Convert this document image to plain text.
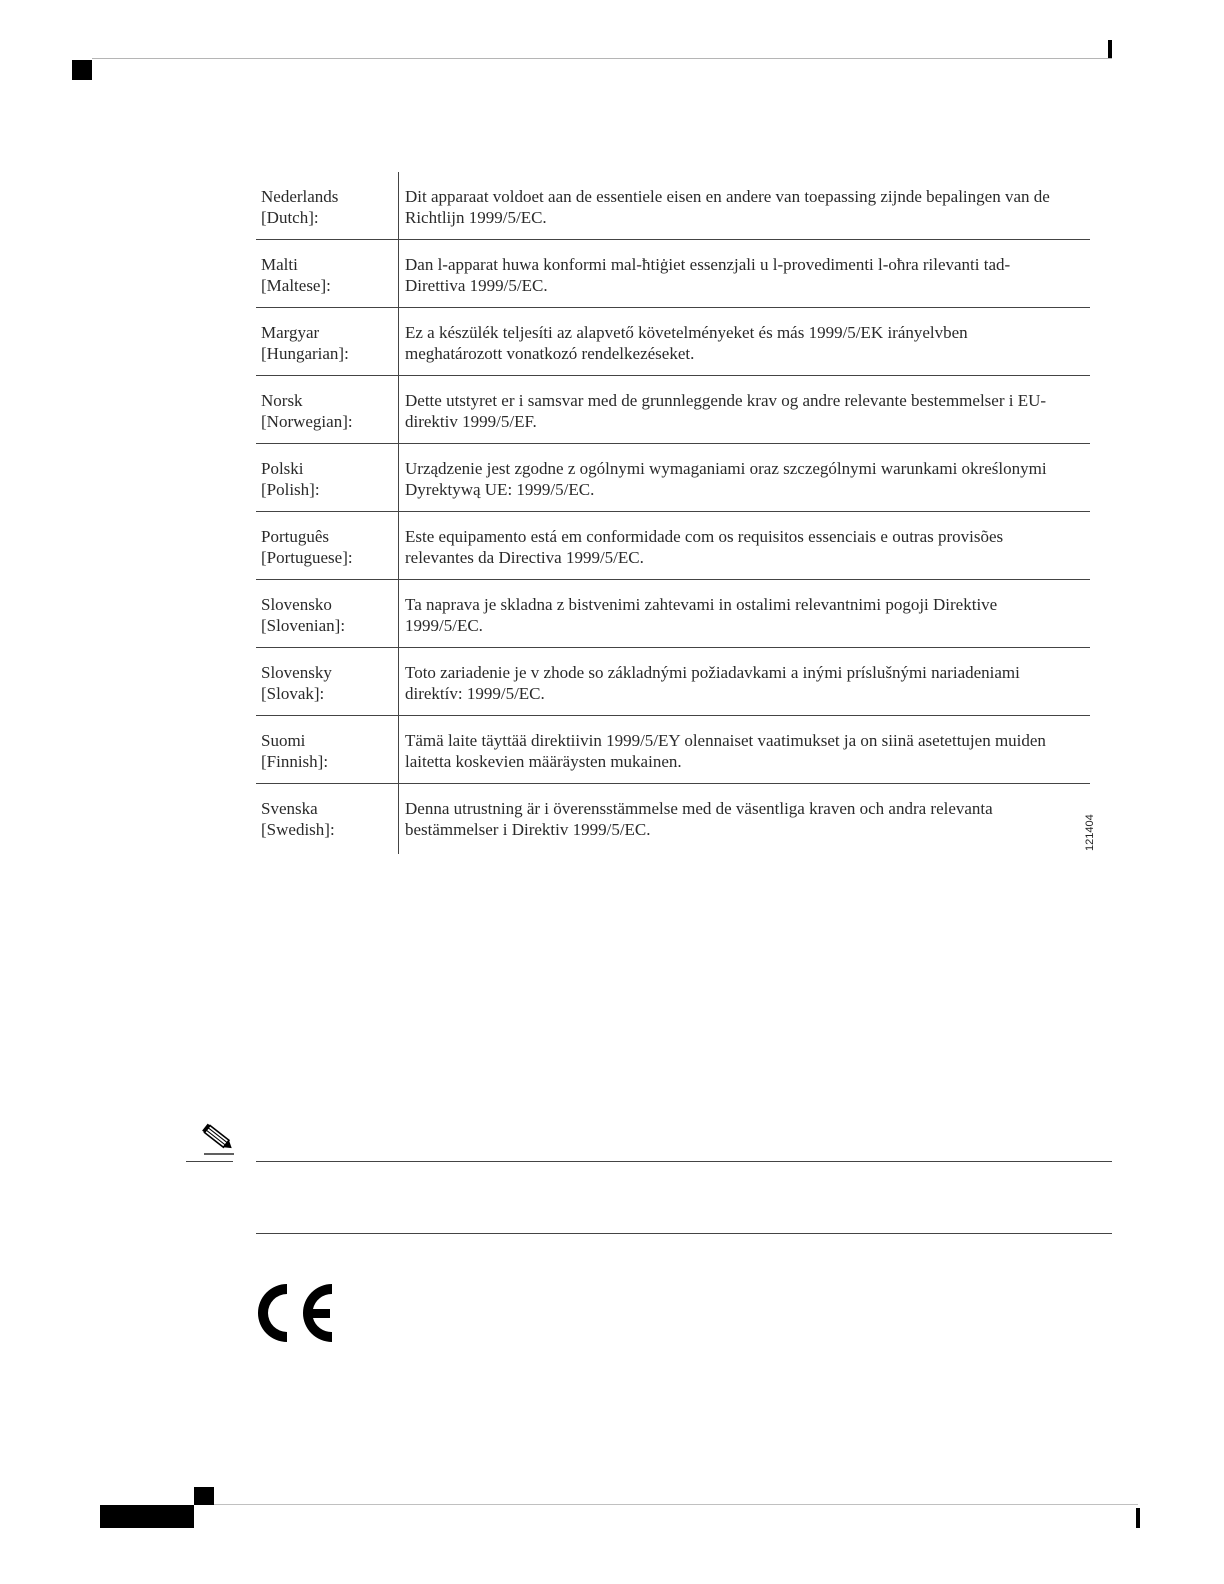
Nederlands
[Dutch]:
Dit apparaat voldoet aan de essentiele eisen en andere van toepassing zijnde bepalingen van de
Richtlijn 1999/5/EC.
Malti
[Maltese]:
Dan l-apparat huwa konformi mal-ħtiġiet essenzjali u l-provedimenti l-oħra rilevanti tad-
Direttiva 1999/5/EC.
Margyar
[Hungarian]:
Ez a készülék teljesíti az alapvető követelményeket és más 1999/5/EK irányelvben
meghatározott vonatkozó rendelkezéseket.
Norsk
[Norwegian]:
Dette utstyret er i samsvar med de grunnleggende krav og andre relevante bestemmelser i EU-
direktiv 1999/5/EF.
Polski
[Polish]:
Urządzenie jest zgodne z ogólnymi wymaganiami oraz szczególnymi warunkami określonymi
Dyrektywą UE: 1999/5/EC.
Português
[Portuguese]:
Este equipamento está em conformidade com os requisitos essenciais e outras provisões
relevantes da Directiva 1999/5/EC.
Slovensko
[Slovenian]:
Ta naprava je skladna z bistvenimi zahtevami in ostalimi relevantnimi pogoji Direktive
1999/5/EC.
Slovensky
[Slovak]:
Toto zariadenie je v zhode so základnými požiadavkami a inými príslušnými nariadeniami
direktív: 1999/5/EC.
Suomi
[Finnish]:
Tämä laite täyttää direktiivin 1999/5/EY olennaiset vaatimukset ja on siinä asetettujen muiden
laitetta koskevien määräysten mukainen.
Svenska
[Swedish]:
Denna utrustning är i överensstämmelse med de väsentliga kraven och andra relevanta
bestämmelser i Direktiv 1999/5/EC.	121404
